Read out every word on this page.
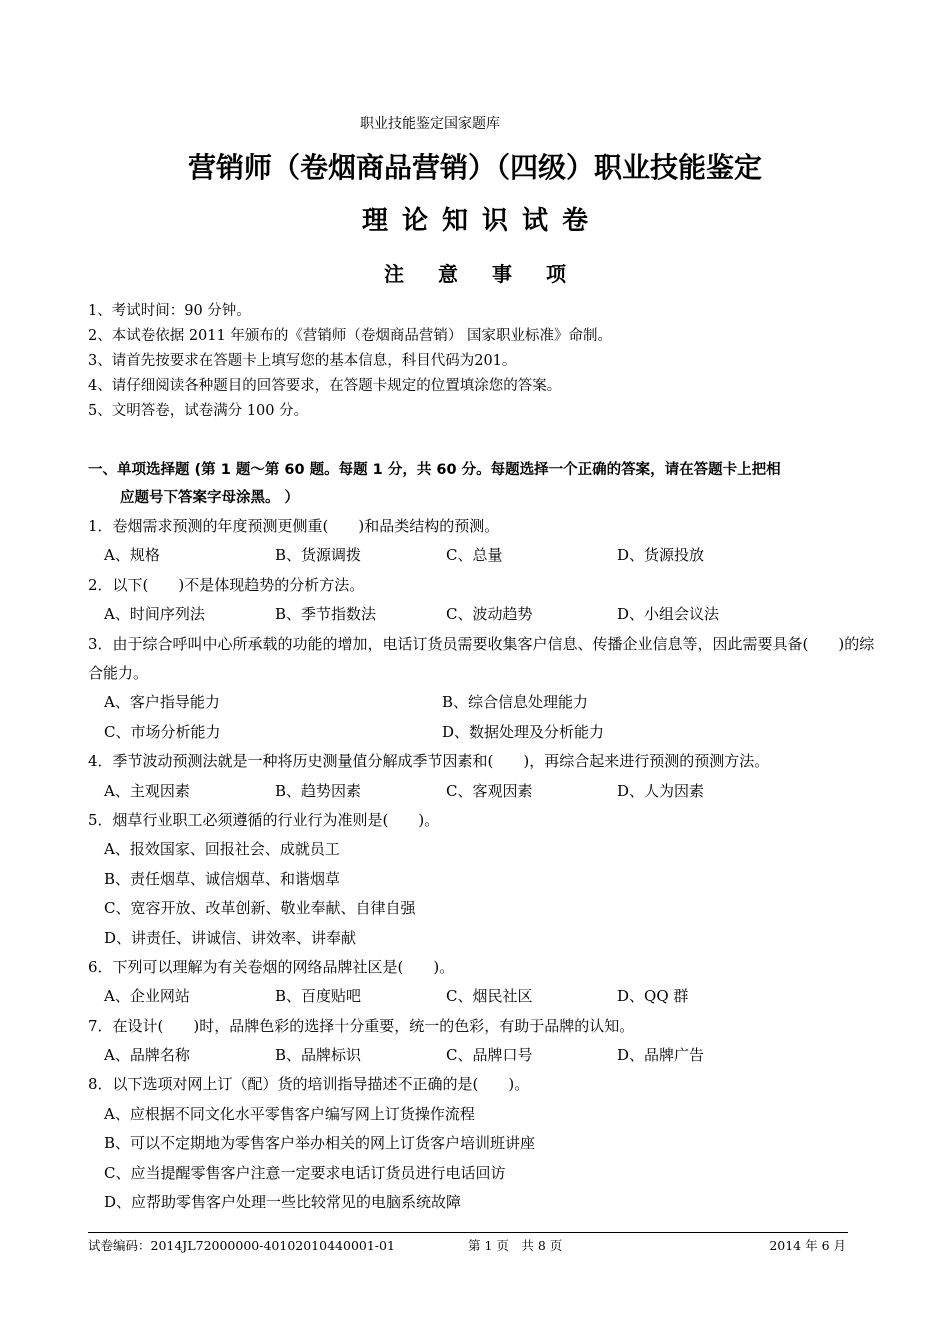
职业技能鉴定国家题库
营销师（卷烟商品营销）（四级）职业技能鉴定
理论知识试卷
注意事项
1、考试时间：90 分钟。
2、本试卷依据 2011 年颁布的《营销师（卷烟商品营销） 国家职业标准》命制。
3、请首先按要求在答题卡上填写您的基本信息，科目代码为201。
4、请仔细阅读各种题目的回答要求，在答题卡规定的位置填涂您的答案。
5、文明答卷，试卷满分 100 分。
一、单项选择题 (第 1 题～第 60 题。每题 1 分，共 60 分。每题选择一个正确的答案，请在答题卡上把相
应题号下答案字母涂黑。 ）
1．卷烟需求预测的年度预测更侧重(　　)和品类结构的预测。
A、规格	B、货源调拨	C、总量	D、货源投放
2．以下(　　)不是体现趋势的分析方法。
A、时间序列法	B、季节指数法	C、波动趋势	D、小组会议法
3．由于综合呼叫中心所承载的功能的增加，电话订货员需要收集客户信息、传播企业信息等，因此需要具备(　　)的综合能力。
A、客户指导能力	B、综合信息处理能力
C、市场分析能力	D、数据处理及分析能力
4．季节波动预测法就是一种将历史测量值分解成季节因素和(　　)，再综合起来进行预测的预测方法。
A、主观因素	B、趋势因素	C、客观因素	D、人为因素
5．烟草行业职工必须遵循的行业行为准则是(　　)。
A、报效国家、回报社会、成就员工
B、责任烟草、诚信烟草、和谐烟草
C、宽容开放、改革创新、敬业奉献、自律自强
D、讲责任、讲诚信、讲效率、讲奉献
6．下列可以理解为有关卷烟的网络品牌社区是(　　)。
A、企业网站	B、百度贴吧	C、烟民社区	D、QQ 群
7．在设计(　　)时，品牌色彩的选择十分重要，统一的色彩，有助于品牌的认知。
A、品牌名称	B、品牌标识	C、品牌口号	D、品牌广告
8．以下选项对网上订（配）货的培训指导描述不正确的是(　　)。
A、应根据不同文化水平零售客户编写网上订货操作流程
B、可以不定期地为零售客户举办相关的网上订货客户培训班讲座
C、应当提醒零售客户注意一定要求电话订货员进行电话回访
D、应帮助零售客户处理一些比较常见的电脑系统故障
试卷编码：2014JL72000000-40102010440001-01	第 1 页　共 8 页	2014 年 6 月
